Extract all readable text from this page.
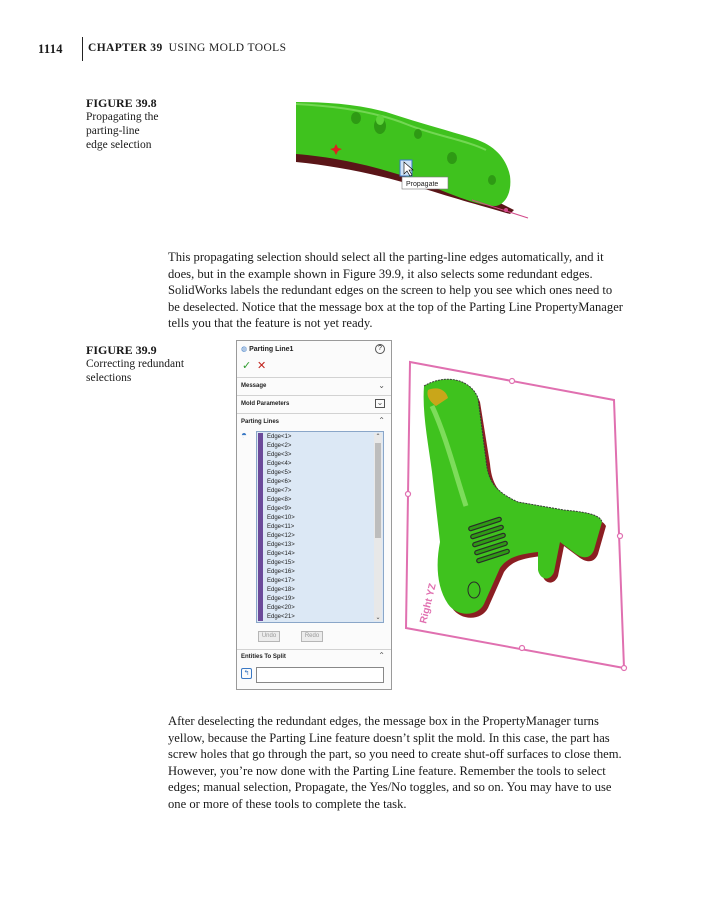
1114 CHAPTER 39 USING MOLD TOOLS
FIGURE 39.8
Propagating the
parting-line
edge selection
Propagate
This propagating selection should select all the parting-line edges automatically, and it
does, but in the example shown in Figure 39.9, it also selects some redundant edges.
SolidWorks labels the redundant edges on the screen to help you see which ones need to
be deselected. Notice that the message box at the top of the Parting Line PropertyManager
tells you that the feature is not yet ready.
FIGURE 39.9
Correcting redundant
selections
◍ Parting Line1	?
✓ ✕
Message	⌄
Mold Parameters	⌄
Parting Lines	⌃
◓	Edge<1>
Edge<2>
Edge<3>
Edge<4>
Edge<5>
Edge<6>
Edge<7>
Edge<8>
Edge<9>
Edge<10>
Edge<11>
Edge<12>
Edge<13>
Edge<14>
Edge<15>
Edge<16>
Edge<17>
Edge<18>
Edge<19>
Edge<20>
Edge<21>
⌃
⌄
Undo	Redo
Entities To Split	⌃
↰
Right YZ
After deselecting the redundant edges, the message box in the PropertyManager turns
yellow, because the Parting Line feature doesn’t split the mold. In this case, the part has
screw holes that go through the part, so you need to create shut-off surfaces to close them.
However, you’re now done with the Parting Line feature. Remember the tools to select
edges; manual selection, Propagate, the Yes/No toggles, and so on. You may have to use
one or more of these tools to complete the task.
